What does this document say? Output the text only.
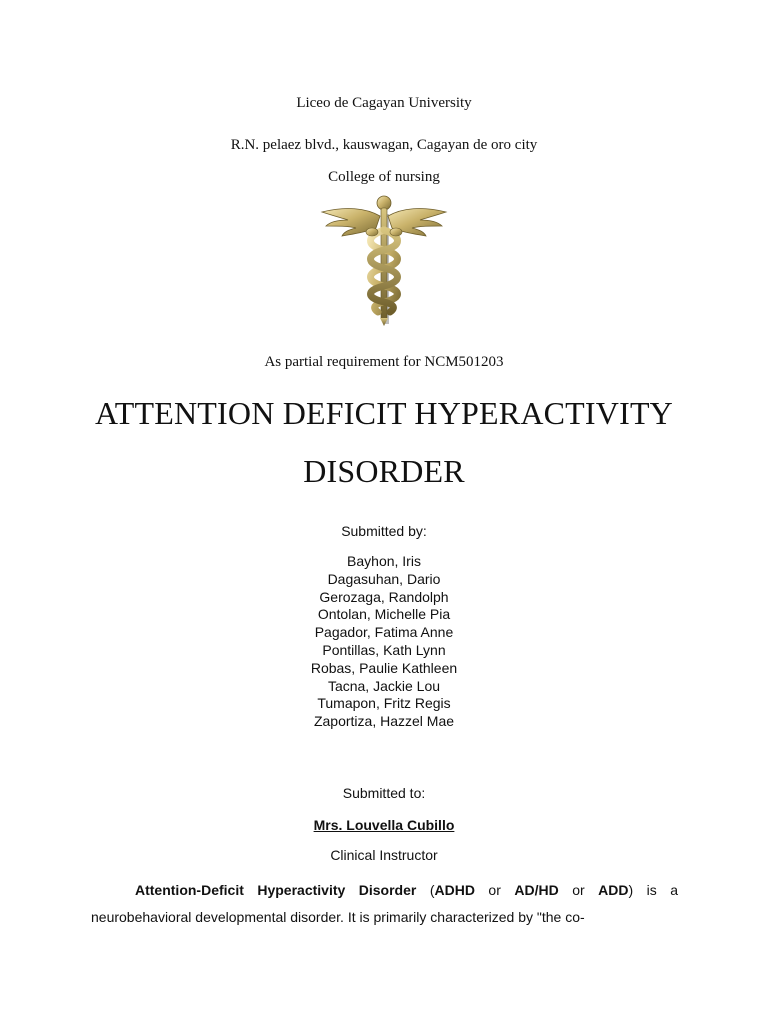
Liceo de Cagayan University
R.N. pelaez blvd., kauswagan, Cagayan de oro city
College of nursing
As partial requirement for NCM501203
ATTENTION DEFICIT HYPERACTIVITY
DISORDER
Submitted by:
Bayhon, Iris
Dagasuhan, Dario
Gerozaga, Randolph
Ontolan, Michelle Pia
Pagador, Fatima Anne
Pontillas, Kath Lynn
Robas, Paulie Kathleen
Tacna, Jackie Lou
Tumapon, Fritz Regis
Zaportiza, Hazzel Mae
Submitted to:
Mrs. Louvella Cubillo
Clinical Instructor

Attention-Deficit Hyperactivity Disorder (ADHD or AD/HD or ADD) is a neurobehavioral developmental disorder. It is primarily characterized by "the co-
